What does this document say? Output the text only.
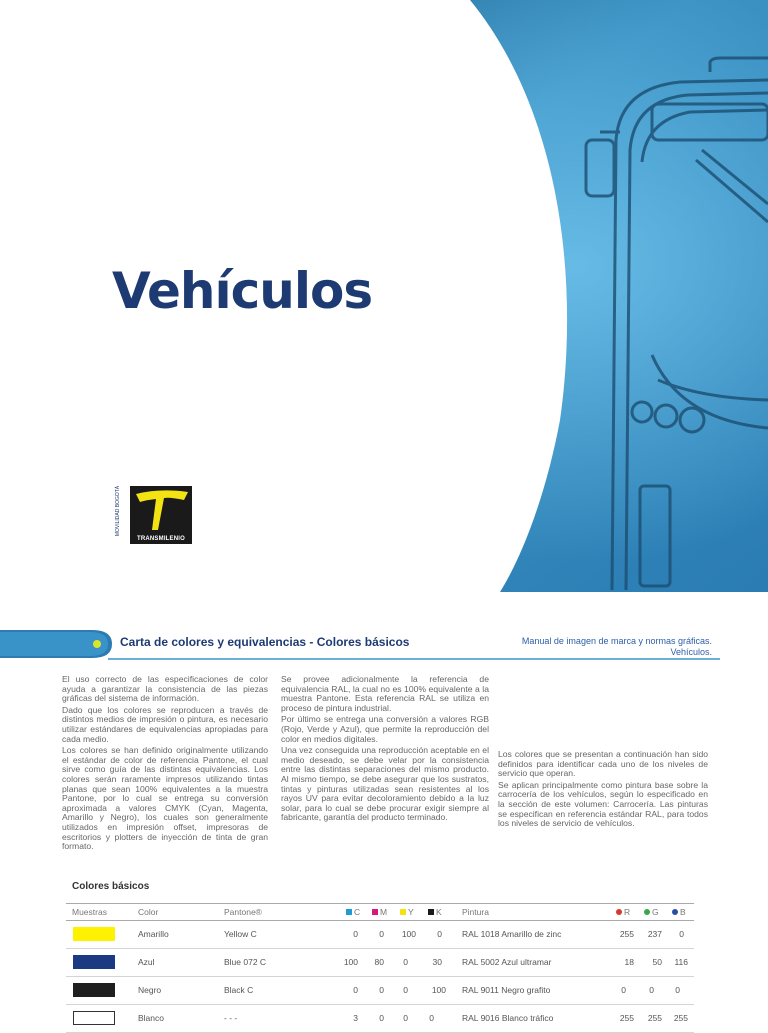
Vehículos
MOVILIDAD BOGOTÁ
TRANSMILENIO
Carta de colores y equivalencias - Colores básicos	Manual de imagen de marca y normas gráficas.
Vehículos.

El uso correcto de las especificaciones de color ayuda a garantizar la consistencia de las piezas gráficas del sistema de información.

Dado que los colores se reproducen a través de distintos medios de impresión o pintura, es necesario utilizar estándares de equivalencias apropiadas para cada medio.

Los colores se han definido originalmente utilizando el estándar de color de referencia Pantone, el cual sirve como guía de las distintas equivalencias. Los colores serán raramente impresos utilizando tintas planas que sean 100% equivalentes a la muestra Pantone, por lo cual se entrega su conversión aproximada a valores CMYK (Cyan, Magenta, Amarillo y Negro), los cuales son generalmente utilizados en impresión offset, impresoras de escritorios y plotters de inyección de tinta de gran formato.

Se provee adicionalmente la referencia de equivalencia RAL, la cual no es 100% equivalente a la muestra Pantone. Esta referencia RAL se utiliza en proceso de pintura industrial.

Por último se entrega una conversión a valores RGB (Rojo, Verde y Azul), que permite la reproducción del color en medios digitales.

Una vez conseguida una reproducción aceptable en el medio deseado, se debe velar por la consistencia entre las distintas separaciones del mismo producto. Al mismo tiempo, se debe asegurar que los sustratos, tintas y pinturas utilizadas sean resistentes al los rayos UV para evitar decoloramiento debido a la luz solar, para lo cual se debe procurar exigir siempre al fabricante, garantía del producto terminado.

Los colores que se presentan a continuación han sido definidos para identificar cada uno de los niveles de servicio que operan.

Se aplican principalmente como pintura base sobre la carrocería de los vehículos, según lo especificado en la sección de este volumen: Carrocería. Las pinturas se especifican en referencia estándar RAL, para todos los niveles de servicio de vehículos.

Colores básicos
Muestras	Color	Pantone®	C	M	Y	K Pintura	R	G	B
Amarillo	Yellow C	0	0	100	0 RAL 1018 Amarillo de zinc	255	237	0
Azul	Blue 072 C	100	80	0	30 RAL 5002 Azul ultramar	18	50	116
Negro	Black C	0	0	0	100 RAL 9011 Negro grafito	0	0	0
Blanco	- - -	3	0	0	0	RAL 9016 Blanco tráfico	255	255	255
